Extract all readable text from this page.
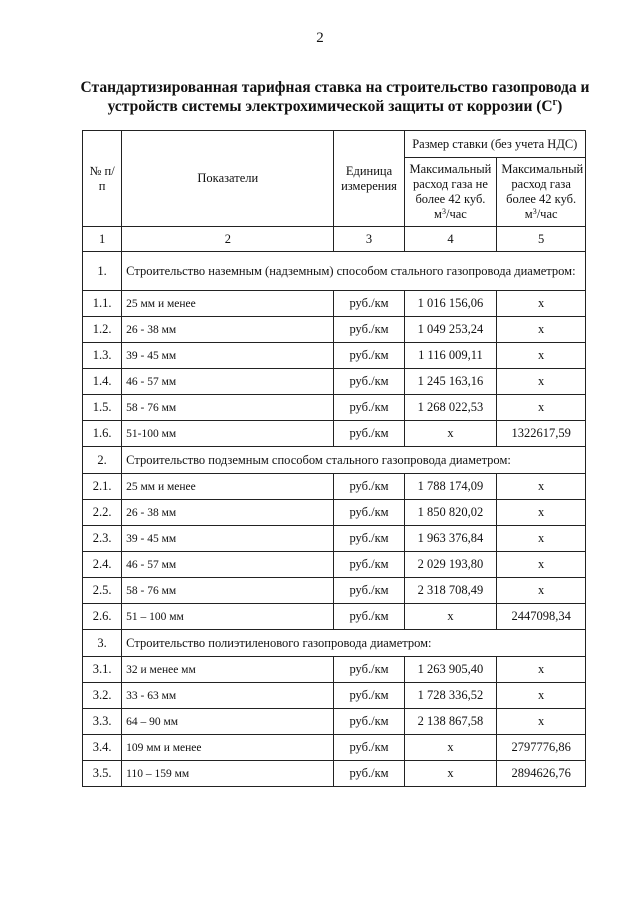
2
Стандартизированная тарифная ставка на строительство газопровода и
устройств системы электрохимической защиты от коррозии $(С^г)$
№ п/п	Показатели	Единица измерения	Размер ставки (без учета НДС)	
			Максимальный расход газа не более 42 куб. $м^3$/час	Максимальный расход газа более 42 куб. $м^3$/час
1	2	3	4	5
1.	Строительство наземным (надземным) способом стального газопровода диаметром:			
1.1.	25 мм и менее	руб./км	1 016 156,06	x
1.2.	26 - 38 мм	руб./км	1 049 253,24	x
1.3.	39 - 45 мм	руб./км	1 116 009,11	x
1.4.	46 - 57 мм	руб./км	1 245 163,16	x
1.5.	58 - 76 мм	руб./км	1 268 022,53	x
1.6.	51-100 мм	руб./км	x	1322617,59
2.	Строительство подземным способом стального газопровода диаметром:			
2.1.	25 мм и менее	руб./км	1 788 174,09	x
2.2.	26 - 38 мм	руб./км	1 850 820,02	x
2.3.	39 - 45 мм	руб./км	1 963 376,84	x
2.4.	46 - 57 мм	руб./км	2 029 193,80	x
2.5.	58 - 76 мм	руб./км	2 318 708,49	x
2.6.	51 – 100 мм	руб./км	x	2447098,34
3.	Строительство полиэтиленового газопровода диаметром:			
3.1.	32 и менее мм	руб./км	1 263 905,40	x
3.2.	33 - 63 мм	руб./км	1 728 336,52	x
3.3.	64 – 90 мм	руб./км	2 138 867,58	x
3.4.	109 мм и менее	руб./км	x	2797776,86
3.5.	110 – 159 мм	руб./км	x	2894626,76
